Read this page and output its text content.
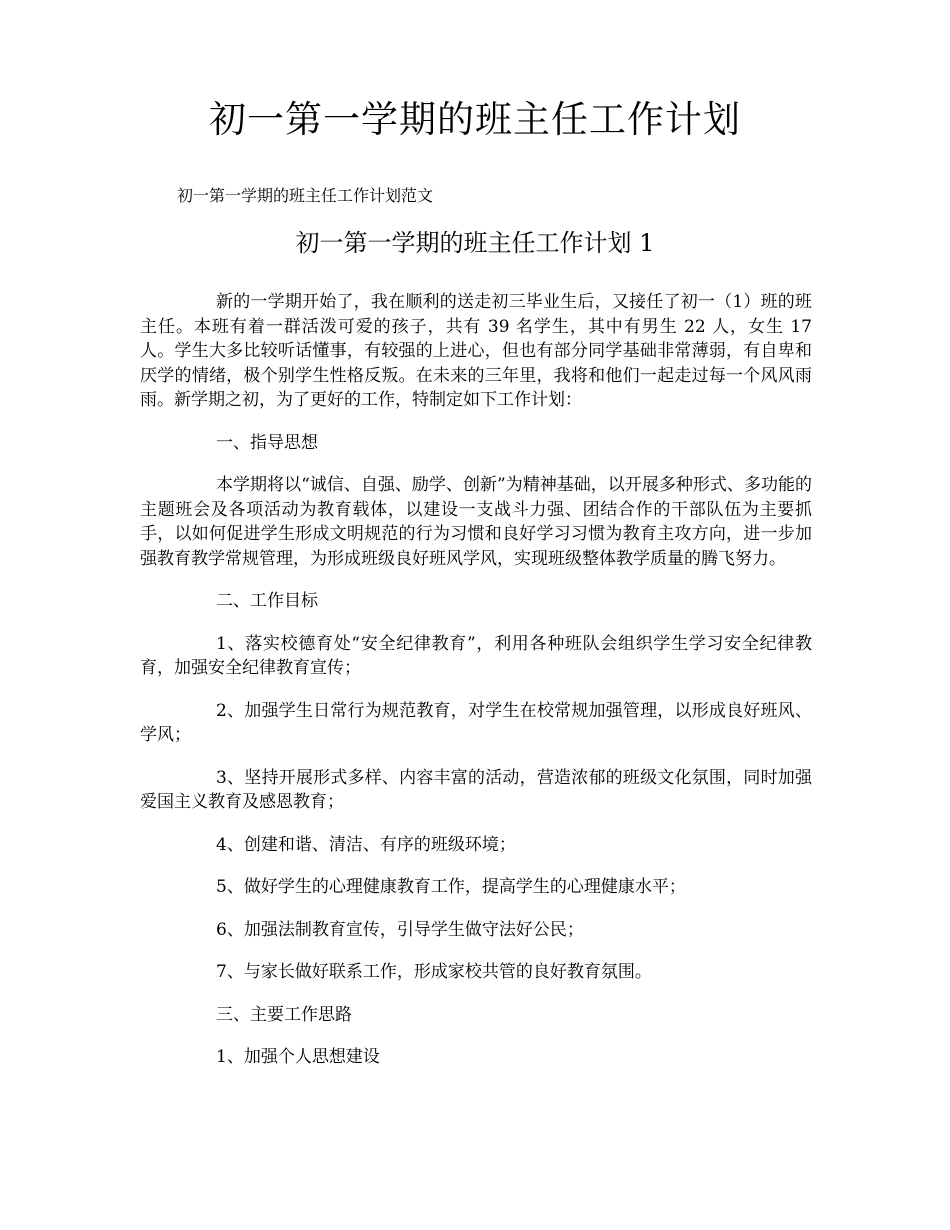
初一第一学期的班主任工作计划

初一第一学期的班主任工作计划范文

初一第一学期的班主任工作计划 1

新的一学期开始了，我在顺利的送走初三毕业生后，又接任了初一（1）班的班主任。本班有着一群活泼可爱的孩子，共有 39 名学生，其中有男生 22 人，女生 17 人。学生大多比较听话懂事，有较强的上进心，但也有部分同学基础非常薄弱，有自卑和厌学的情绪，极个别学生性格反叛。在未来的三年里，我将和他们一起走过每一个风风雨雨。新学期之初，为了更好的工作，特制定如下工作计划：

一、指导思想

本学期将以“诚信、自强、励学、创新”为精神基础，以开展多种形式、多功能的主题班会及各项活动为教育载体，以建设一支战斗力强、团结合作的干部队伍为主要抓手，以如何促进学生形成文明规范的行为习惯和良好学习习惯为教育主攻方向，进一步加强教育教学常规管理，为形成班级良好班风学风，实现班级整体教学质量的腾飞努力。

二、工作目标

1、落实校德育处“安全纪律教育”，利用各种班队会组织学生学习安全纪律教育，加强安全纪律教育宣传；

2、加强学生日常行为规范教育，对学生在校常规加强管理，以形成良好班风、学风；

3、坚持开展形式多样、内容丰富的活动，营造浓郁的班级文化氛围，同时加强爱国主义教育及感恩教育；

4、创建和谐、清洁、有序的班级环境；

5、做好学生的心理健康教育工作，提高学生的心理健康水平；

6、加强法制教育宣传，引导学生做守法好公民；

7、与家长做好联系工作，形成家校共管的良好教育氛围。

三、主要工作思路

1、加强个人思想建设
